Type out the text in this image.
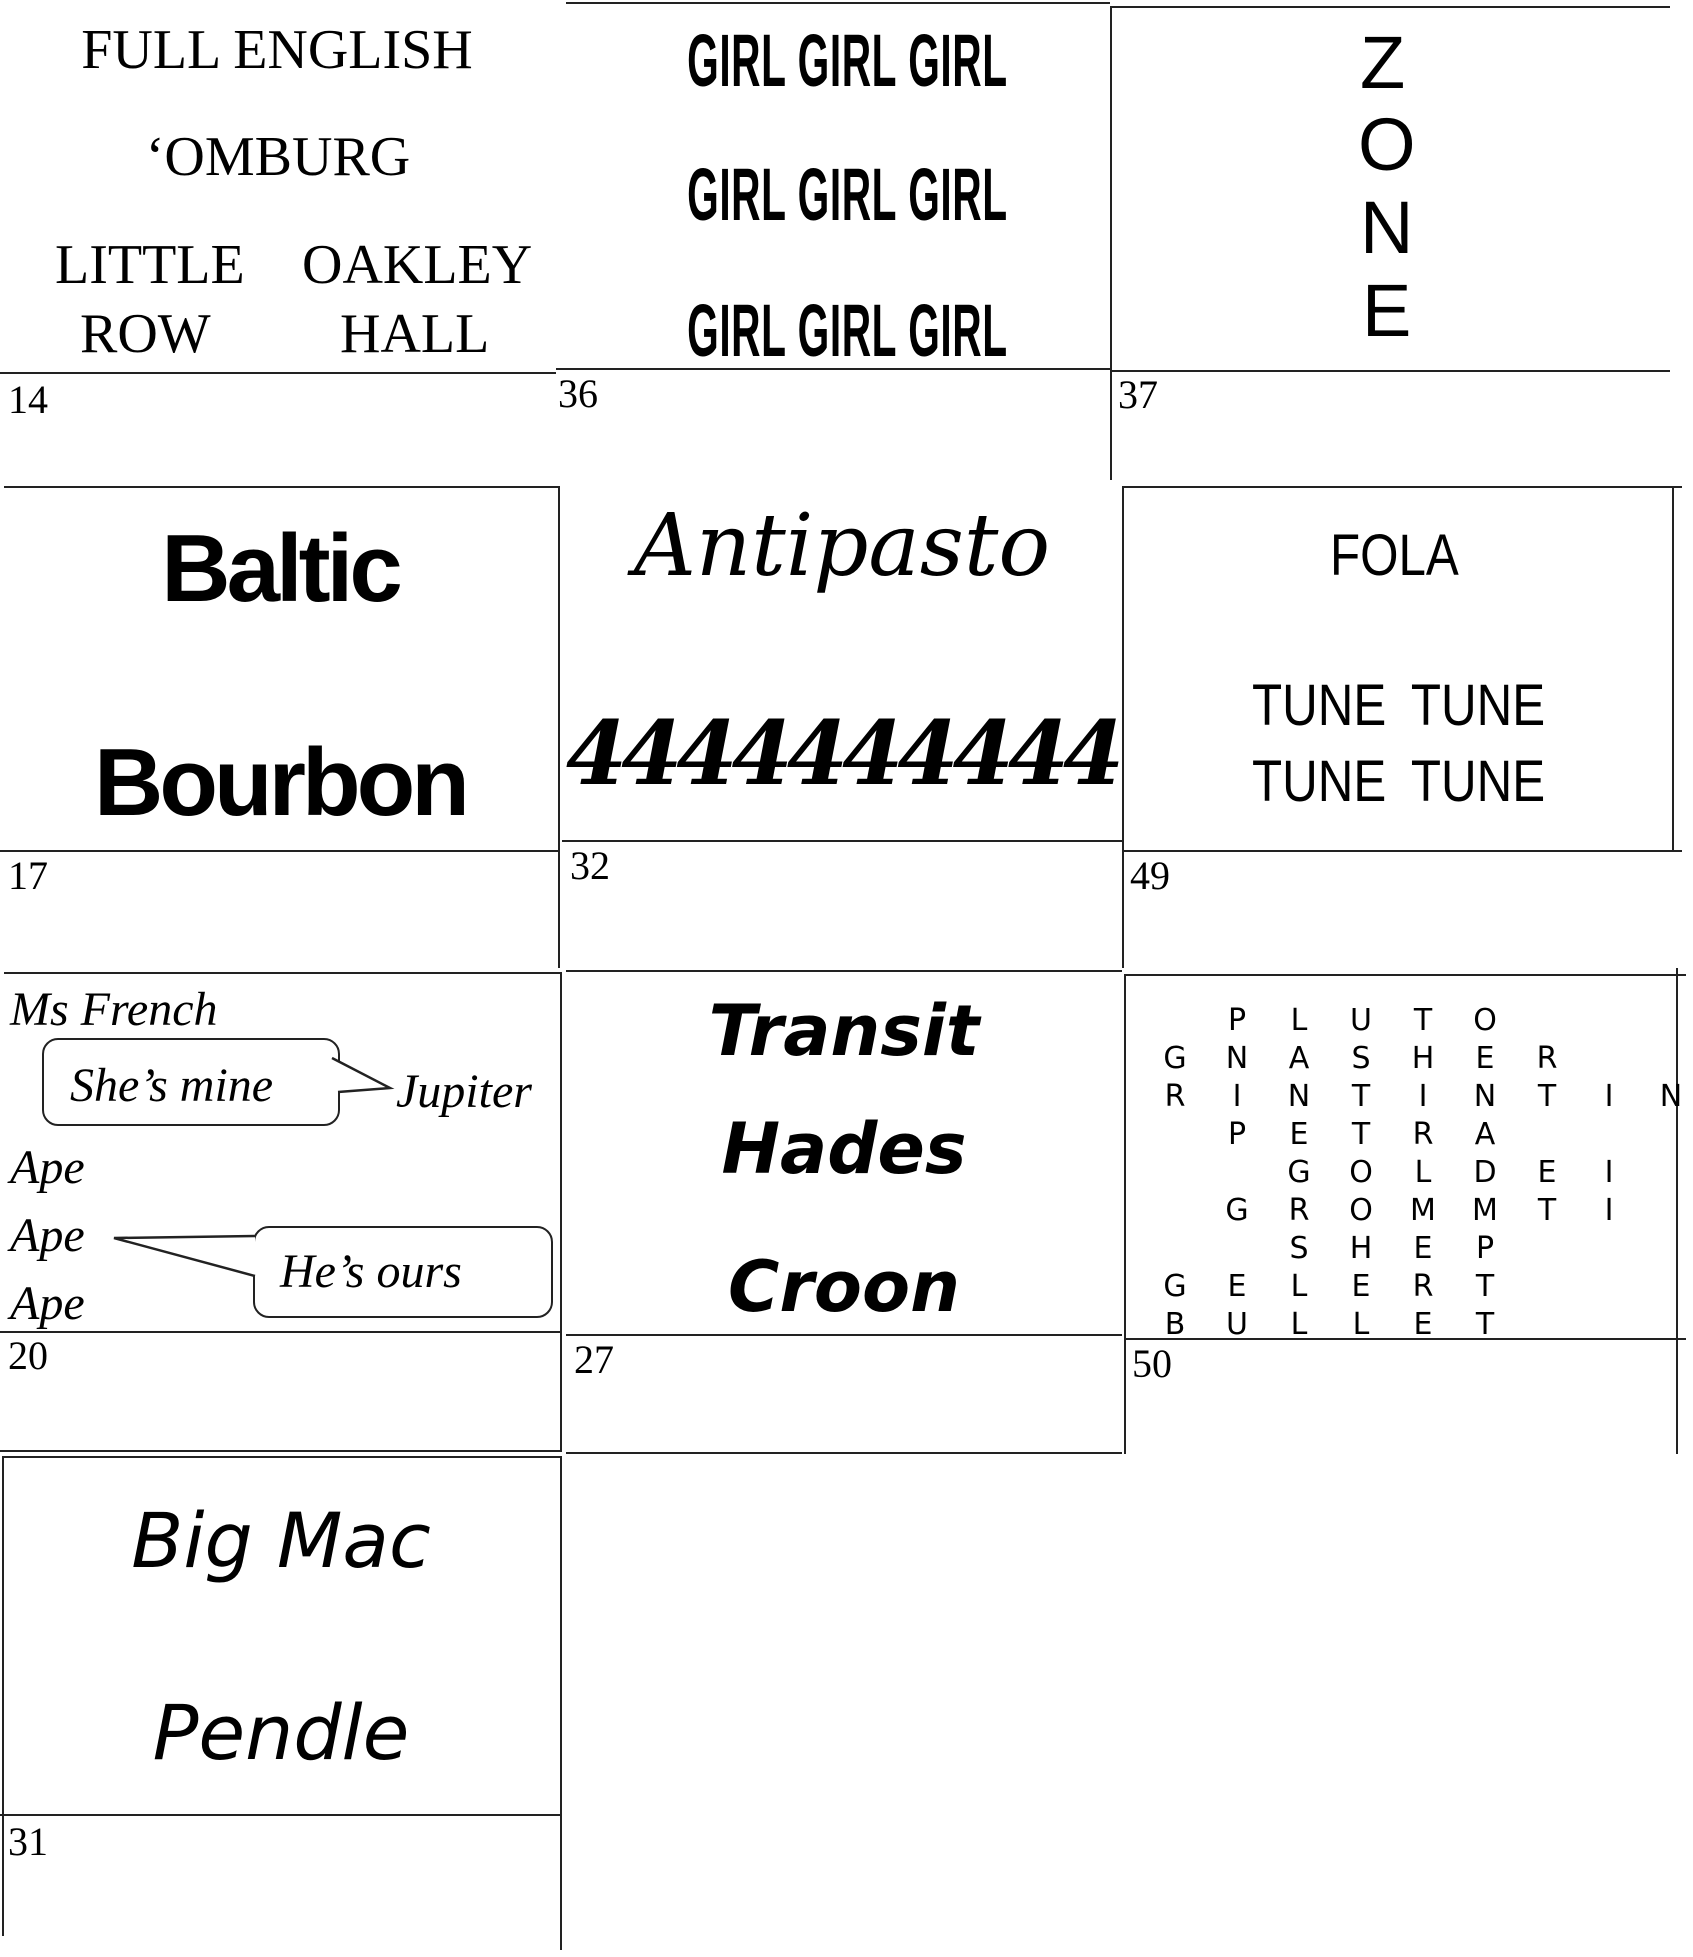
FULL ENGLISH
‘OMBURG
LITTLE
ROW
OAKLEY
HALL
14
GIRL GIRL GIRL
GIRL GIRL GIRL
GIRL GIRL GIRL
36
Z
O
N
E
37
Baltic
Bourbon
17
Antipasto
4444444444
32
FOLA
TUNE TUNE
TUNE TUNE
49
Ms French
She’s mine	Jupiter
Ape
Ape
Ape
He’s ours
20
Transit
Hades
Croon
27
G
R
G
B
P
N
I
P
G
E
U
L
A
N
E
G
R
S
L
L
U
S
T
T
O
O
H
E
L
T
H
I
R
L
M
E
R
E
O
E
N
A
D
M
P
T
T
R
T	I
I
I
E
T
N
50
Big Mac
Pendle
31
